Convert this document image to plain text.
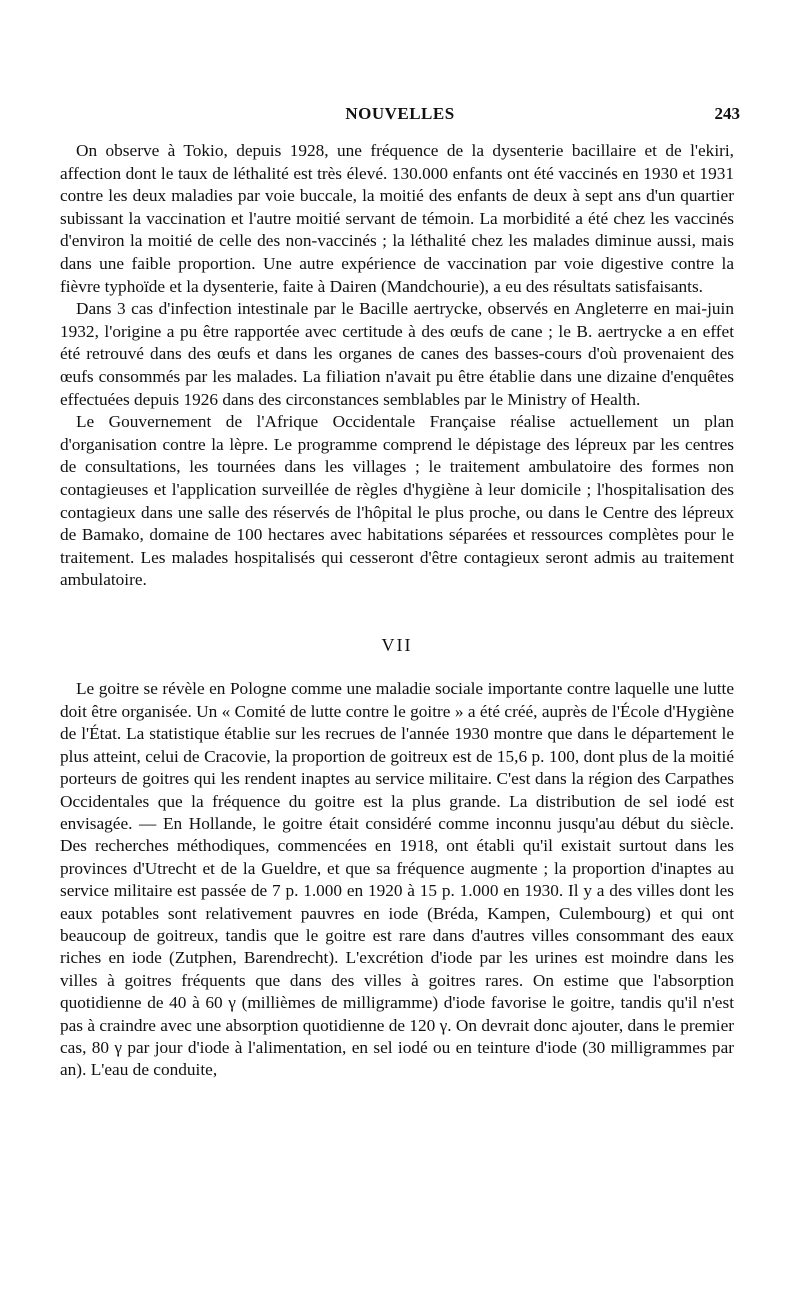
NOUVELLES	243

On observe à Tokio, depuis 1928, une fréquence de la dysenterie bacillaire et de l'ekiri, affection dont le taux de léthalité est très élevé. 130.000 enfants ont été vaccinés en 1930 et 1931 contre les deux maladies par voie buccale, la moitié des enfants de deux à sept ans d'un quartier subissant la vaccination et l'autre moitié servant de témoin. La morbidité a été chez les vaccinés d'environ la moitié de celle des non-vaccinés ; la léthalité chez les malades diminue aussi, mais dans une faible proportion. Une autre expérience de vaccination par voie digestive contre la fièvre typhoïde et la dysenterie, faite à Dairen (Mandchourie), a eu des résultats satisfaisants.

Dans 3 cas d'infection intestinale par le Bacille aertrycke, observés en Angleterre en mai-juin 1932, l'origine a pu être rapportée avec certitude à des œufs de cane ; le B. aertrycke a en effet été retrouvé dans des œufs et dans les organes de canes des basses-cours d'où provenaient des œufs consommés par les malades. La filiation n'avait pu être établie dans une dizaine d'enquêtes effectuées depuis 1926 dans des circonstances semblables par le Ministry of Health.

Le Gouvernement de l'Afrique Occidentale Française réalise actuellement un plan d'organisation contre la lèpre. Le programme comprend le dépistage des lépreux par les centres de consultations, les tournées dans les villages ; le traitement ambulatoire des formes non contagieuses et l'application surveillée de règles d'hygiène à leur domicile ; l'hospitalisation des contagieux dans une salle des réservés de l'hôpital le plus proche, ou dans le Centre des lépreux de Bamako, domaine de 100 hectares avec habitations séparées et ressources complètes pour le traitement. Les malades hospitalisés qui cesseront d'être contagieux seront admis au traitement ambulatoire.

VII

Le goitre se révèle en Pologne comme une maladie sociale importante contre laquelle une lutte doit être organisée. Un « Comité de lutte contre le goitre » a été créé, auprès de l'École d'Hygiène de l'État. La statistique établie sur les recrues de l'année 1930 montre que dans le département le plus atteint, celui de Cracovie, la proportion de goitreux est de 15,6 p. 100, dont plus de la moitié porteurs de goitres qui les rendent inaptes au service militaire. C'est dans la région des Carpathes Occidentales que la fréquence du goitre est la plus grande. La distribution de sel iodé est envisagée. — En Hollande, le goitre était considéré comme inconnu jusqu'au début du siècle. Des recherches méthodiques, commencées en 1918, ont établi qu'il existait surtout dans les provinces d'Utrecht et de la Gueldre, et que sa fréquence augmente ; la proportion d'inaptes au service militaire est passée de 7 p. 1.000 en 1920 à 15 p. 1.000 en 1930. Il y a des villes dont les eaux potables sont relativement pauvres en iode (Bréda, Kampen, Culembourg) et qui ont beaucoup de goitreux, tandis que le goitre est rare dans d'autres villes consommant des eaux riches en iode (Zutphen, Barendrecht). L'excrétion d'iode par les urines est moindre dans les villes à goitres fréquents que dans des villes à goitres rares. On estime que l'absorption quotidienne de 40 à 60 γ (millièmes de milligramme) d'iode favorise le goitre, tandis qu'il n'est pas à craindre avec une absorption quotidienne de 120 γ. On devrait donc ajouter, dans le premier cas, 80 γ par jour d'iode à l'alimentation, en sel iodé ou en teinture d'iode (30 milligrammes par an). L'eau de conduite,
